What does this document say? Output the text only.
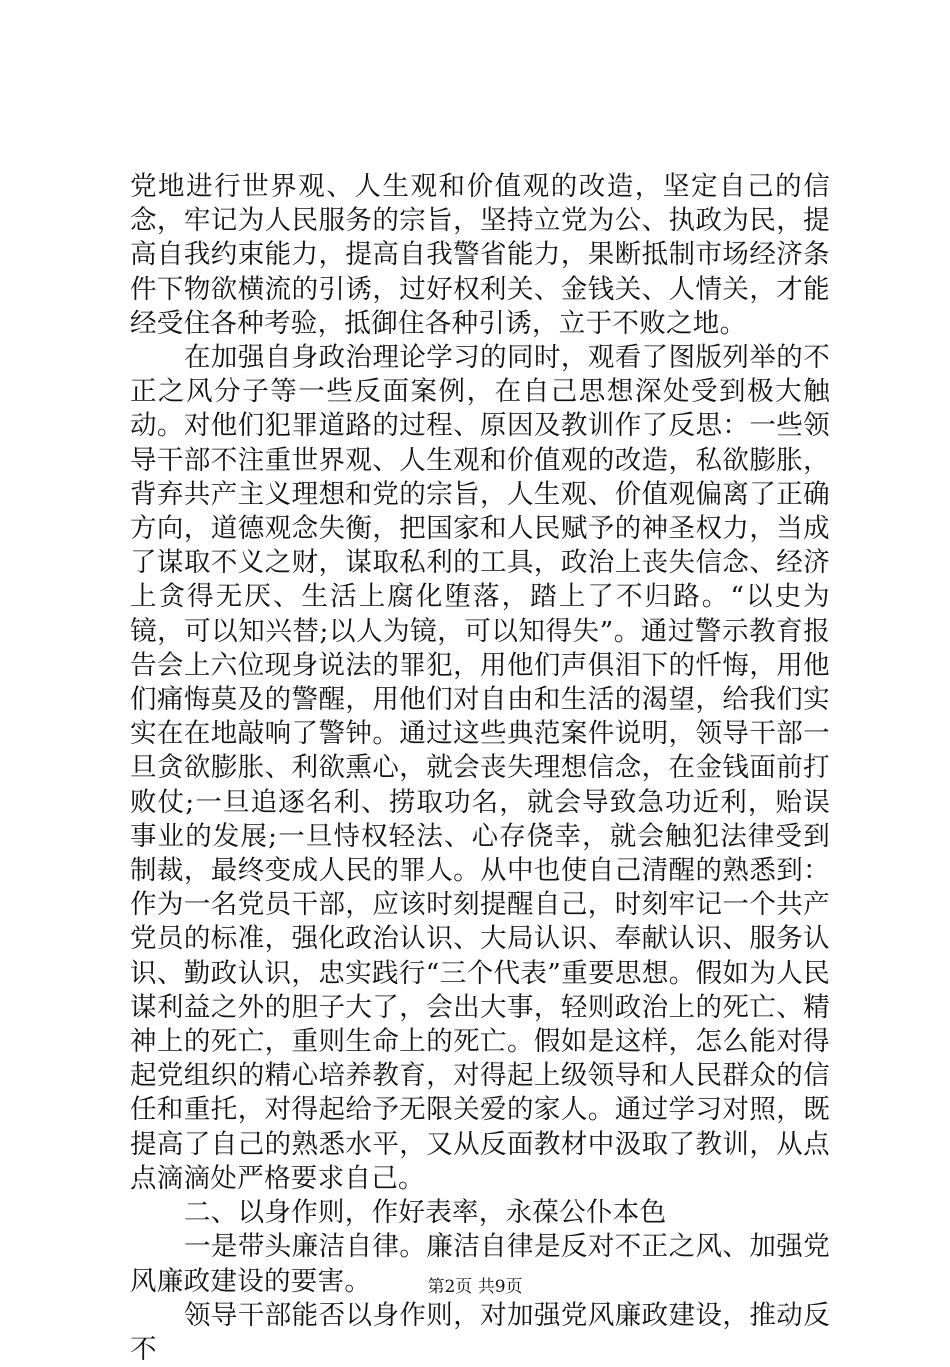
党地进行世界观、人生观和价值观的改造，坚定自己的信念，牢记为人民服务的宗旨，坚持立党为公、执政为民，提高自我约束能力，提高自我警省能力，果断抵制市场经济条件下物欲横流的引诱，过好权利关、金钱关、人情关，才能经受住各种考验，抵御住各种引诱，立于不败之地。

在加强自身政治理论学习的同时，观看了图版列举的不正之风分子等一些反面案例，在自己思想深处受到极大触动。对他们犯罪道路的过程、原因及教训作了反思：一些领导干部不注重世界观、人生观和价值观的改造，私欲膨胀，背弃共产主义理想和党的宗旨，人生观、价值观偏离了正确方向，道德观念失衡，把国家和人民赋予的神圣权力，当成了谋取不义之财，谋取私利的工具，政治上丧失信念、经济上贪得无厌、生活上腐化堕落，踏上了不归路。“以史为镜，可以知兴替;以人为镜，可以知得失”。通过警示教育报告会上六位现身说法的罪犯，用他们声俱泪下的忏悔，用他们痛悔莫及的警醒，用他们对自由和生活的渴望，给我们实实在在地敲响了警钟。通过这些典范案件说明，领导干部一旦贪欲膨胀、利欲熏心，就会丧失理想信念，在金钱面前打败仗;一旦追逐名利、捞取功名，就会导致急功近利，贻误事业的发展;一旦恃权轻法、心存侥幸，就会触犯法律受到制裁，最终变成人民的罪人。从中也使自己清醒的熟悉到：作为一名党员干部，应该时刻提醒自己，时刻牢记一个共产党员的标准，强化政治认识、大局认识、奉献认识、服务认识、勤政认识，忠实践行“三个代表”重要思想。假如为人民谋利益之外的胆子大了，会出大事，轻则政治上的死亡、精神上的死亡，重则生命上的死亡。假如是这样，怎么能对得起党组织的精心培养教育，对得起上级领导和人民群众的信任和重托，对得起给予无限关爱的家人。通过学习对照，既提高了自己的熟悉水平，又从反面教材中汲取了教训，从点点滴滴处严格要求自己。

二、以身作则，作好表率，永葆公仆本色

一是带头廉洁自律。廉洁自律是反对不正之风、加强党风廉政建设的要害。

领导干部能否以身作则，对加强党风廉政建设，推动反不

第2页 共9页
